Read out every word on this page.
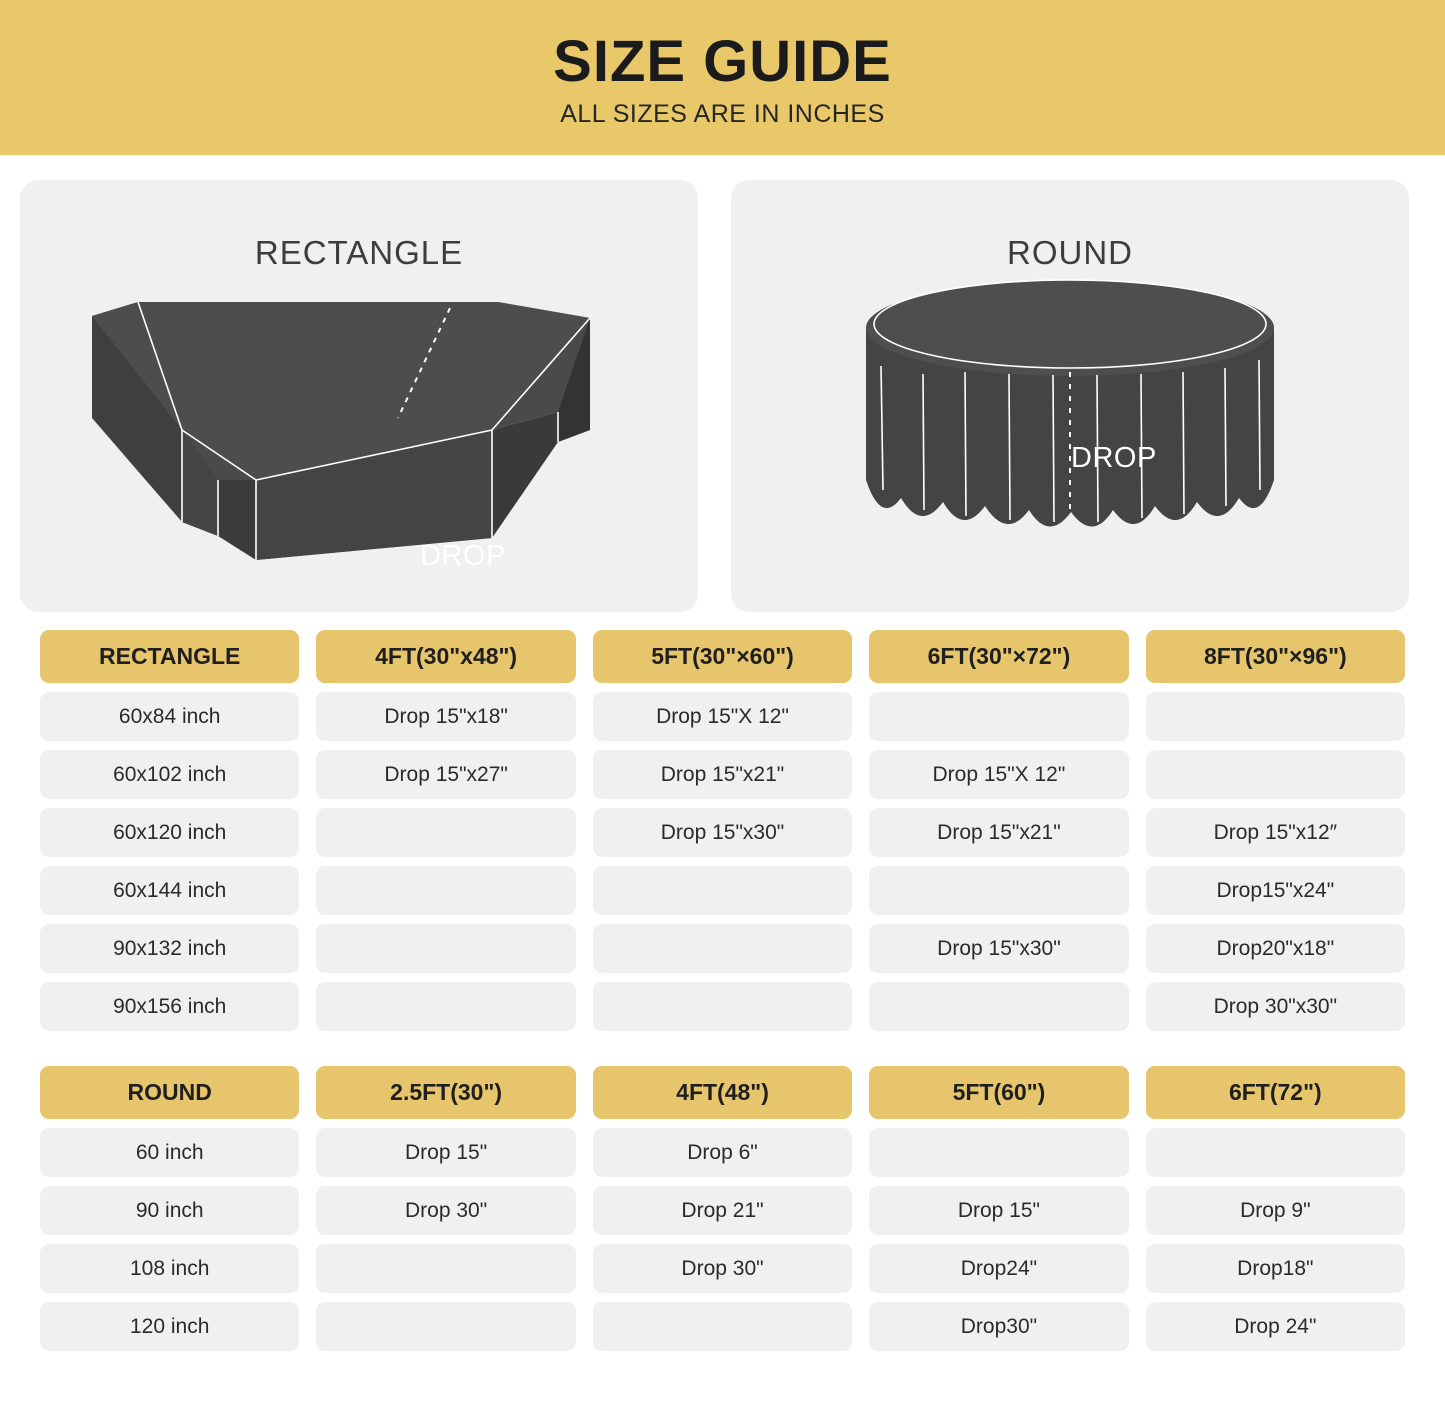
SIZE GUIDE
ALL SIZES ARE IN INCHES
RECTANGLE
DROP
ROUND
DROP
RECTANGLE
60x84 inch
60x102 inch
60x120 inch
60x144 inch
90x132 inch
90x156 inch
4FT(30"x48")
Drop 15"x18"
Drop 15"x27"
5FT(30"×60")
Drop 15"X 12"
Drop 15"x21"
Drop 15"x30"
6FT(30"×72")
Drop 15"X 12"
Drop 15"x21"
Drop 15"x30"
8FT(30"×96")
Drop 15"x12″
Drop15"x24"
Drop20"x18"
Drop 30"x30"
ROUND
60 inch
90 inch
108 inch
120 inch
2.5FT(30")
Drop 15"
Drop 30"
4FT(48")
Drop 6"
Drop 21"
Drop 30"
5FT(60")
Drop 15"
Drop24"
Drop30"
6FT(72")
Drop 9"
Drop18"
Drop 24"
